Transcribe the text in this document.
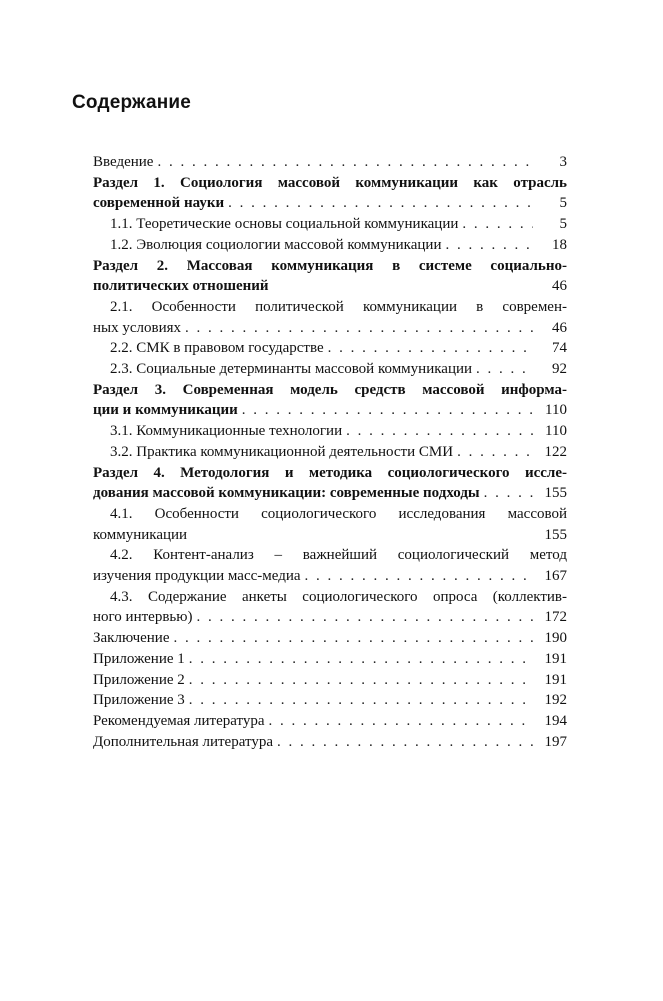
Содержание
Введение . . .	3
Раздел 1. Социология массовой коммуникации как отрасль
современной науки . . .	5
1.1. Теоретические основы социальной коммуникации . . .	5
1.2. Эволюция социологии массовой коммуникации . . .	18
Раздел 2. Массовая коммуникация в системе социально-
политических отношений	46
2.1. Особенности политической коммуникации в современ-
ных условиях . . .	46
2.2. СМК в правовом государстве . . .	74
2.3. Социальные детерминанты массовой коммуникации . . .	92
Раздел 3. Современная модель средств массовой информа-
ции и коммуникации . . .	110
3.1. Коммуникационные технологии . . .	110
3.2. Практика коммуникационной деятельности СМИ . . .	122
Раздел 4. Методология и методика социологического иссле-
дования массовой коммуникации: современные подходы . . .	155
4.1. Особенности социологического исследования массовой
коммуникации	155
4.2. Контент-анализ – важнейший социологический метод
изучения продукции масс-медиа . . .	167
4.3. Содержание анкеты социологического опроса (коллектив-
ного интервью) . . .	172
Заключение . . .	190
Приложение 1 . . .	191
Приложение 2 . . .	191
Приложение 3 . . .	192
Рекомендуемая литература . . .	194
Дополнительная литература . . .	197
